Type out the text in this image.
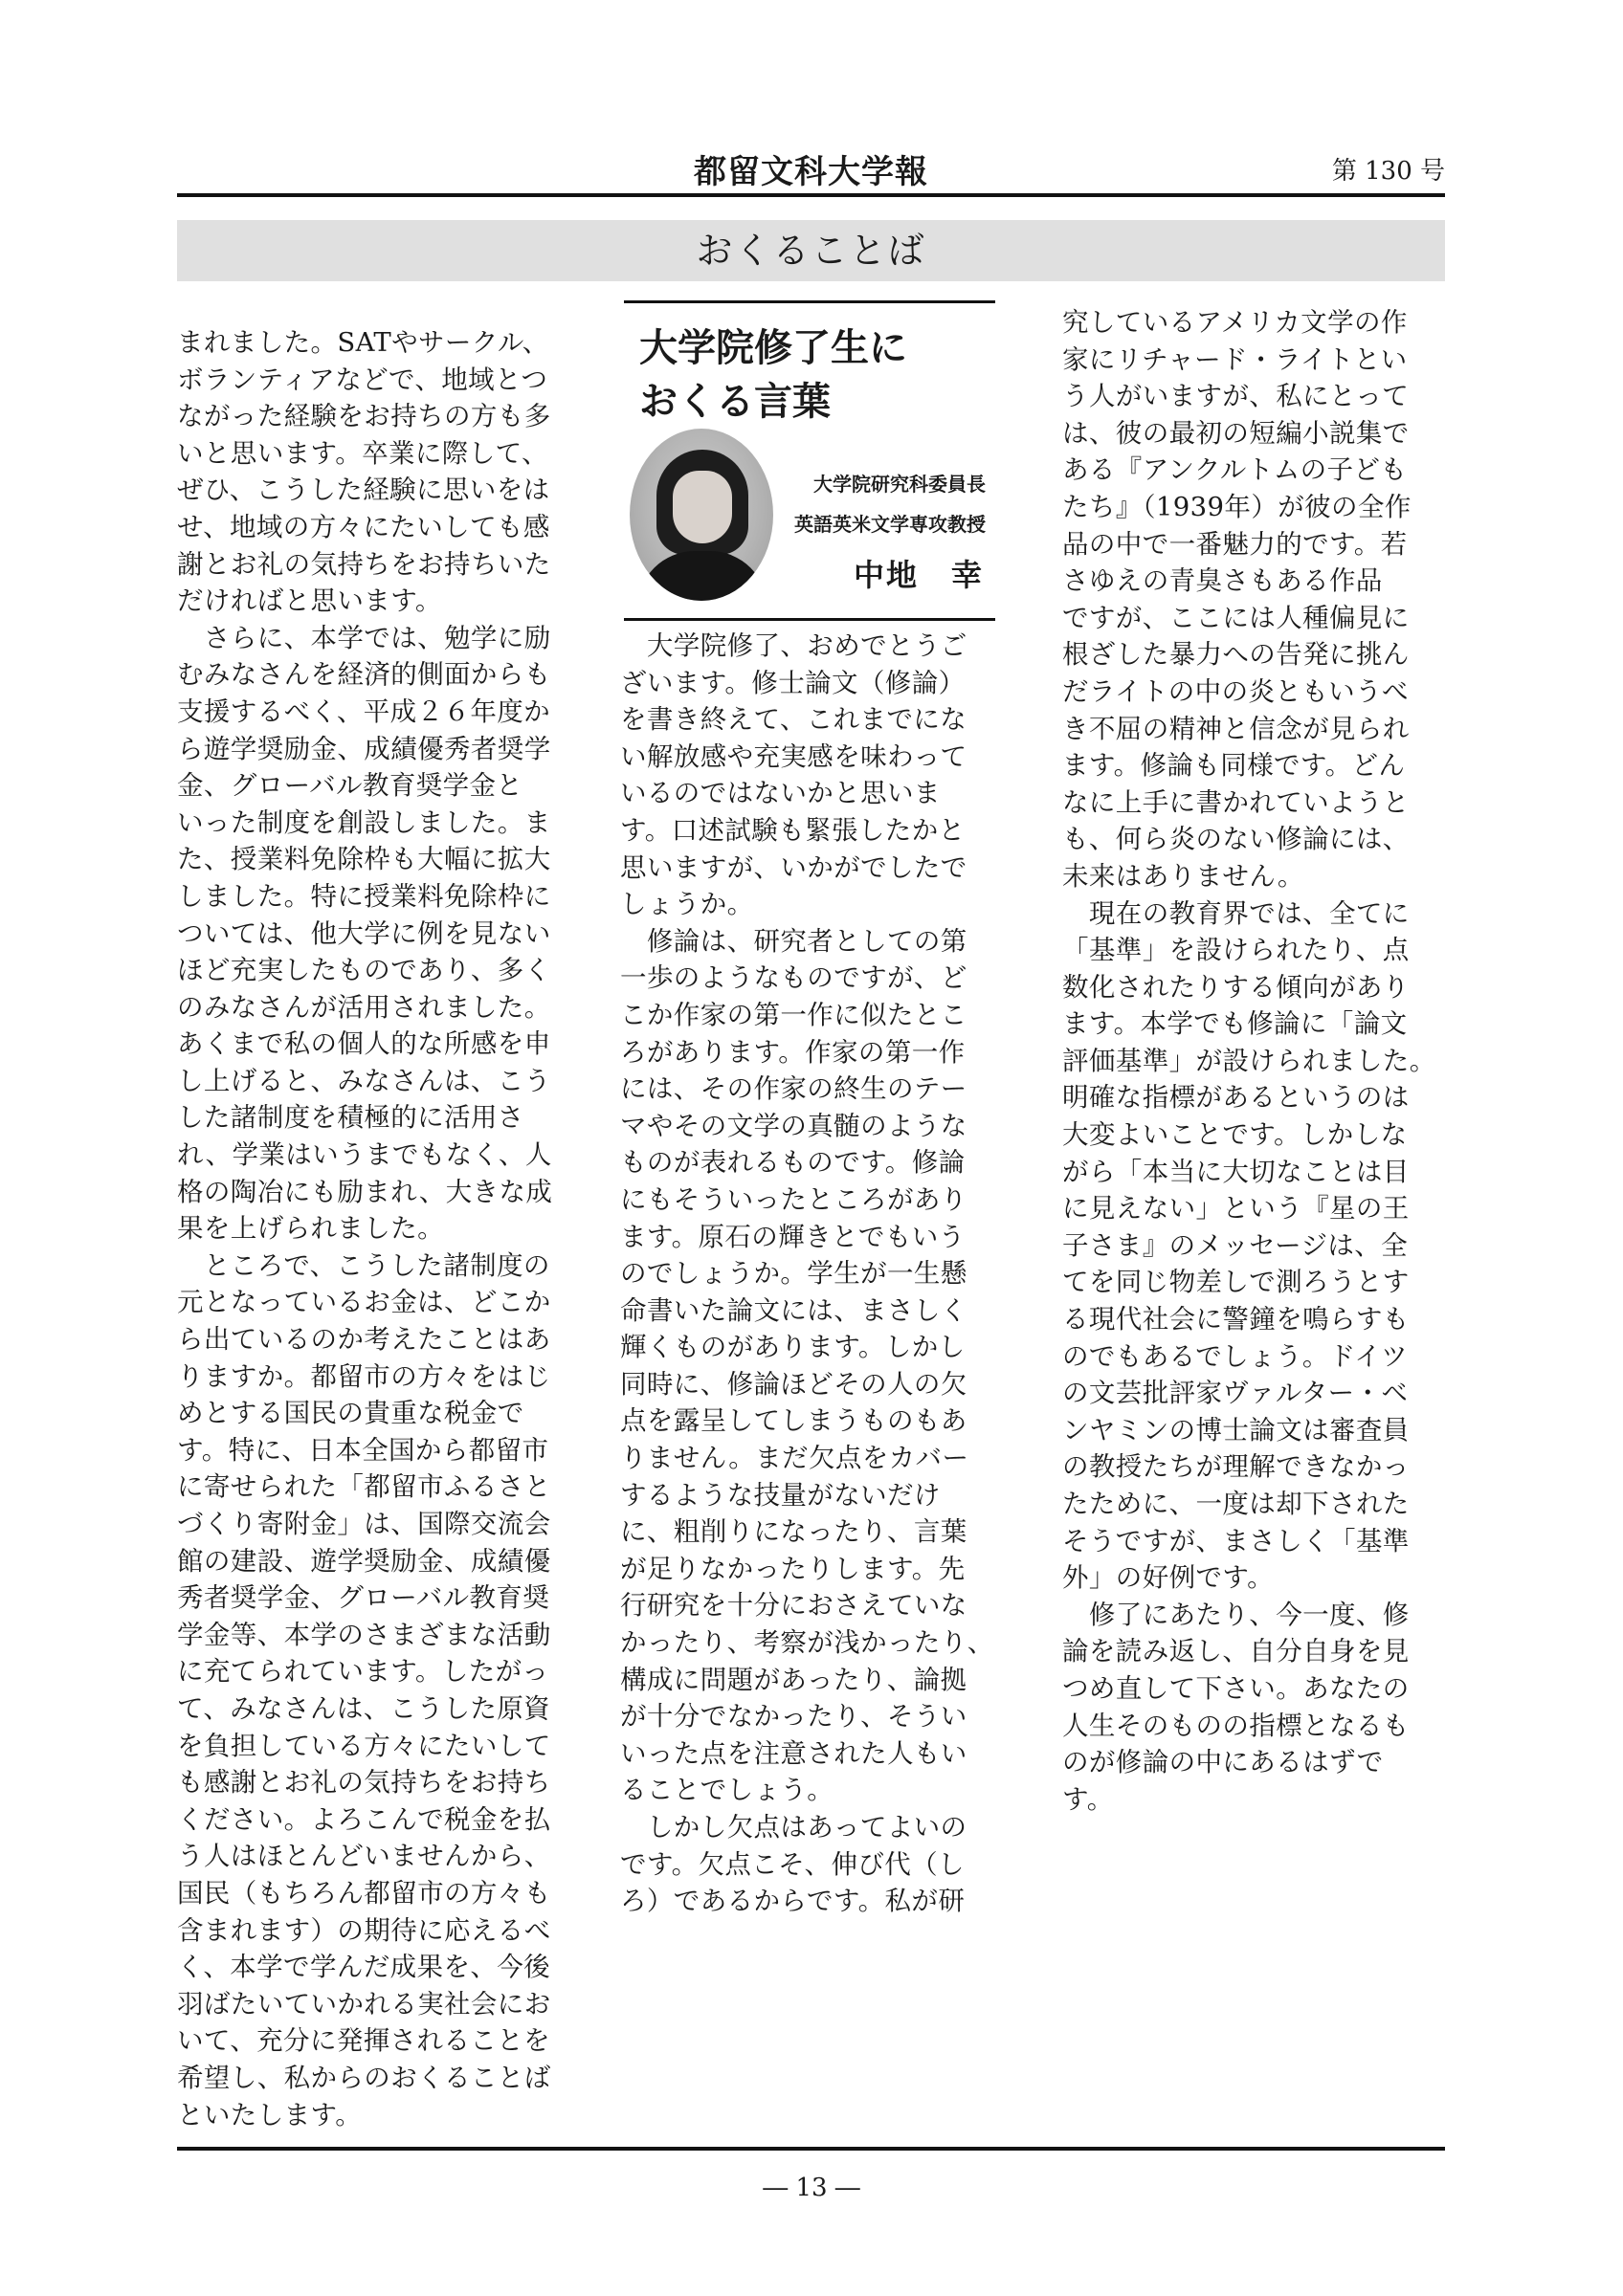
都留文科大学報	第 130 号
おくることば
まれました。SATやサークル、
ボランティアなどで、地域とつ
ながった経験をお持ちの方も多
いと思います。卒業に際して、
ぜひ、こうした経験に思いをは
せ、地域の方々にたいしても感
謝とお礼の気持ちをお持ちいた
だければと思います。
　さらに、本学では、勉学に励
むみなさんを経済的側面からも
支援するべく、平成２６年度か
ら遊学奨励金、成績優秀者奨学
金、グローバル教育奨学金と
いった制度を創設しました。ま
た、授業料免除枠も大幅に拡大
しました。特に授業料免除枠に
ついては、他大学に例を見ない
ほど充実したものであり、多く
のみなさんが活用されました。
あくまで私の個人的な所感を申
し上げると、みなさんは、こう
した諸制度を積極的に活用さ
れ、学業はいうまでもなく、人
格の陶冶にも励まれ、大きな成
果を上げられました。
　ところで、こうした諸制度の
元となっているお金は、どこか
ら出ているのか考えたことはあ
りますか。都留市の方々をはじ
めとする国民の貴重な税金で
す。特に、日本全国から都留市
に寄せられた「都留市ふるさと
づくり寄附金」は、国際交流会
館の建設、遊学奨励金、成績優
秀者奨学金、グローバル教育奨
学金等、本学のさまざまな活動
に充てられています。したがっ
て、みなさんは、こうした原資
を負担している方々にたいして
も感謝とお礼の気持ちをお持ち
ください。よろこんで税金を払
う人はほとんどいませんから、
国民（もちろん都留市の方々も
含まれます）の期待に応えるべ
く、本学で学んだ成果を、今後
羽ばたいていかれる実社会にお
いて、充分に発揮されることを
希望し、私からのおくることば
といたします。
大学院修了生に
おくる言葉
大学院研究科委員長
英語英米文学専攻教授
中地　幸
　大学院修了、おめでとうご
ざいます。修士論文（修論）
を書き終えて、これまでにな
い解放感や充実感を味わって
いるのではないかと思いま
す。口述試験も緊張したかと
思いますが、いかがでしたで
しょうか。
　修論は、研究者としての第
一歩のようなものですが、ど
こか作家の第一作に似たとこ
ろがあります。作家の第一作
には、その作家の終生のテー
マやその文学の真髄のような
ものが表れるものです。修論
にもそういったところがあり
ます。原石の輝きとでもいう
のでしょうか。学生が一生懸
命書いた論文には、まさしく
輝くものがあります。しかし
同時に、修論ほどその人の欠
点を露呈してしまうものもあ
りません。まだ欠点をカバー
するような技量がないだけ
に、粗削りになったり、言葉
が足りなかったりします。先
行研究を十分におさえていな
かったり、考察が浅かったり、
構成に問題があったり、論拠
が十分でなかったり、そうい
いった点を注意された人もい
ることでしょう。
　しかし欠点はあってよいの
です。欠点こそ、伸び代（し
ろ）であるからです。私が研
究しているアメリカ文学の作
家にリチャード・ライトとい
う人がいますが、私にとって
は、彼の最初の短編小説集で
ある『アンクルトムの子ども
たち』（1939年）が彼の全作
品の中で一番魅力的です。若
さゆえの青臭さもある作品
ですが、ここには人種偏見に
根ざした暴力への告発に挑ん
だライトの中の炎ともいうべ
き不屈の精神と信念が見られ
ます。修論も同様です。どん
なに上手に書かれていようと
も、何ら炎のない修論には、
未来はありません。
　現在の教育界では、全てに
「基準」を設けられたり、点
数化されたりする傾向があり
ます。本学でも修論に「論文
評価基準」が設けられました。
明確な指標があるというのは
大変よいことです。しかしな
がら「本当に大切なことは目
に見えない」という『星の王
子さま』のメッセージは、全
てを同じ物差しで測ろうとす
る現代社会に警鐘を鳴らすも
のでもあるでしょう。ドイツ
の文芸批評家ヴァルター・ベ
ンヤミンの博士論文は審査員
の教授たちが理解できなかっ
たために、一度は却下された
そうですが、まさしく「基準
外」の好例です。
　修了にあたり、今一度、修
論を読み返し、自分自身を見
つめ直して下さい。あなたの
人生そのものの指標となるも
のが修論の中にあるはずで
す。
― 13 ―
